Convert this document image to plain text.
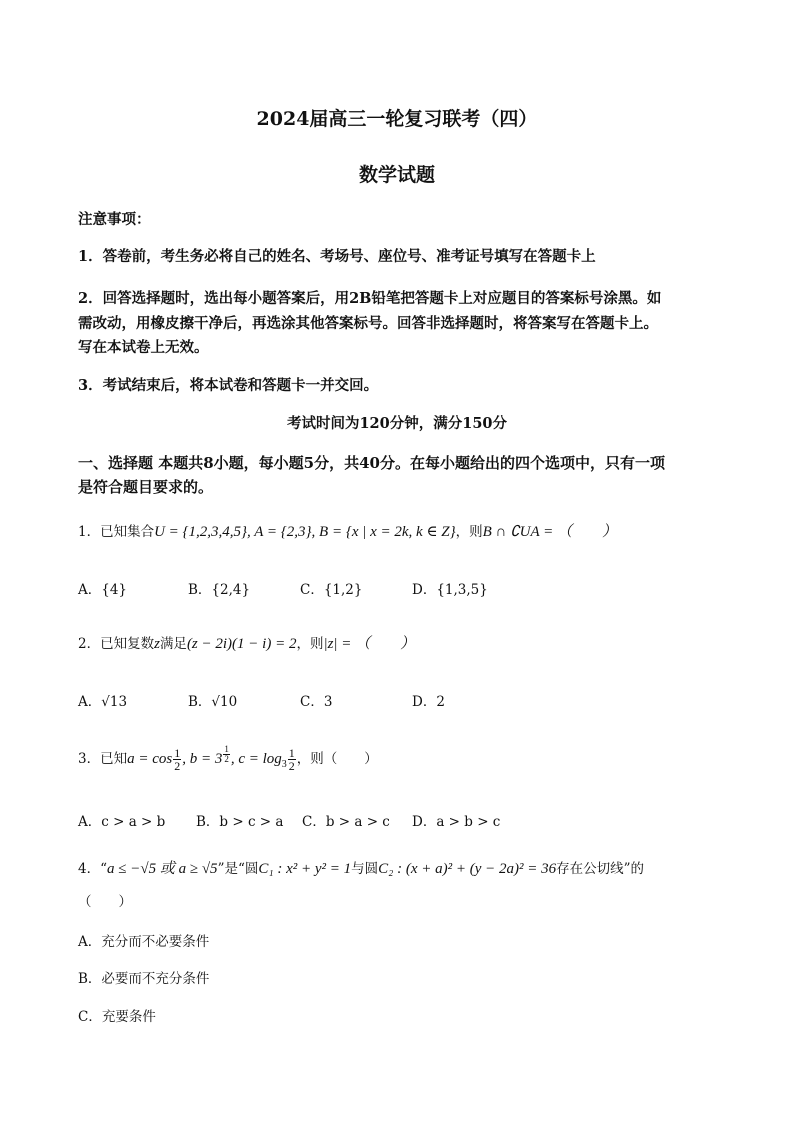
2024届高三一轮复习联考（四）
数学试题
注意事项：
1．答卷前，考生务必将自己的姓名、考场号、座位号、准考证号填写在答题卡上
2．回答选择题时，选出每小题答案后，用2B铅笔把答题卡上对应题目的答案标号涂黑。如
需改动，用橡皮擦干净后，再选涂其他答案标号。回答非选择题时，将答案写在答题卡上。
写在本试卷上无效。
3．考试结束后，将本试卷和答题卡一并交回。
考试时间为120分钟，满分150分
一、选择题 本题共8小题，每小题5分，共40分。在每小题给出的四个选项中，只有一项
是符合题目要求的。
1．已知集合U = {1,2,3,4,5}, A = {2,3}, B = {x | x = 2k, k ∈ Z}，则B ∩ ∁UA = （　　）
A．{4}	B．{2,4}	C．{1,2}	D．{1,3,5}
2．已知复数z满足(z − 2i)(1 − i) = 2，则|z| = （　　）
A．√13	B．√10	C．3	D．2
3．已知$a = \cos \frac{1}{2}$ , b = 3 $^{\frac{1}{2}}$ , $c = \log_3 \frac{1}{2}$ ，则（　　）
A．c > a > b B．b > c > a C．b > a > c D．a > b > c
4．“a ≤ −√5 或 a ≥ √5”是“圆C₁ : x² + y² = 1与圆C₂ : (x + a)² + (y − 2a)² = 36存在公切线”的
（　　）
A．充分而不必要条件
B．必要而不充分条件
C．充要条件
